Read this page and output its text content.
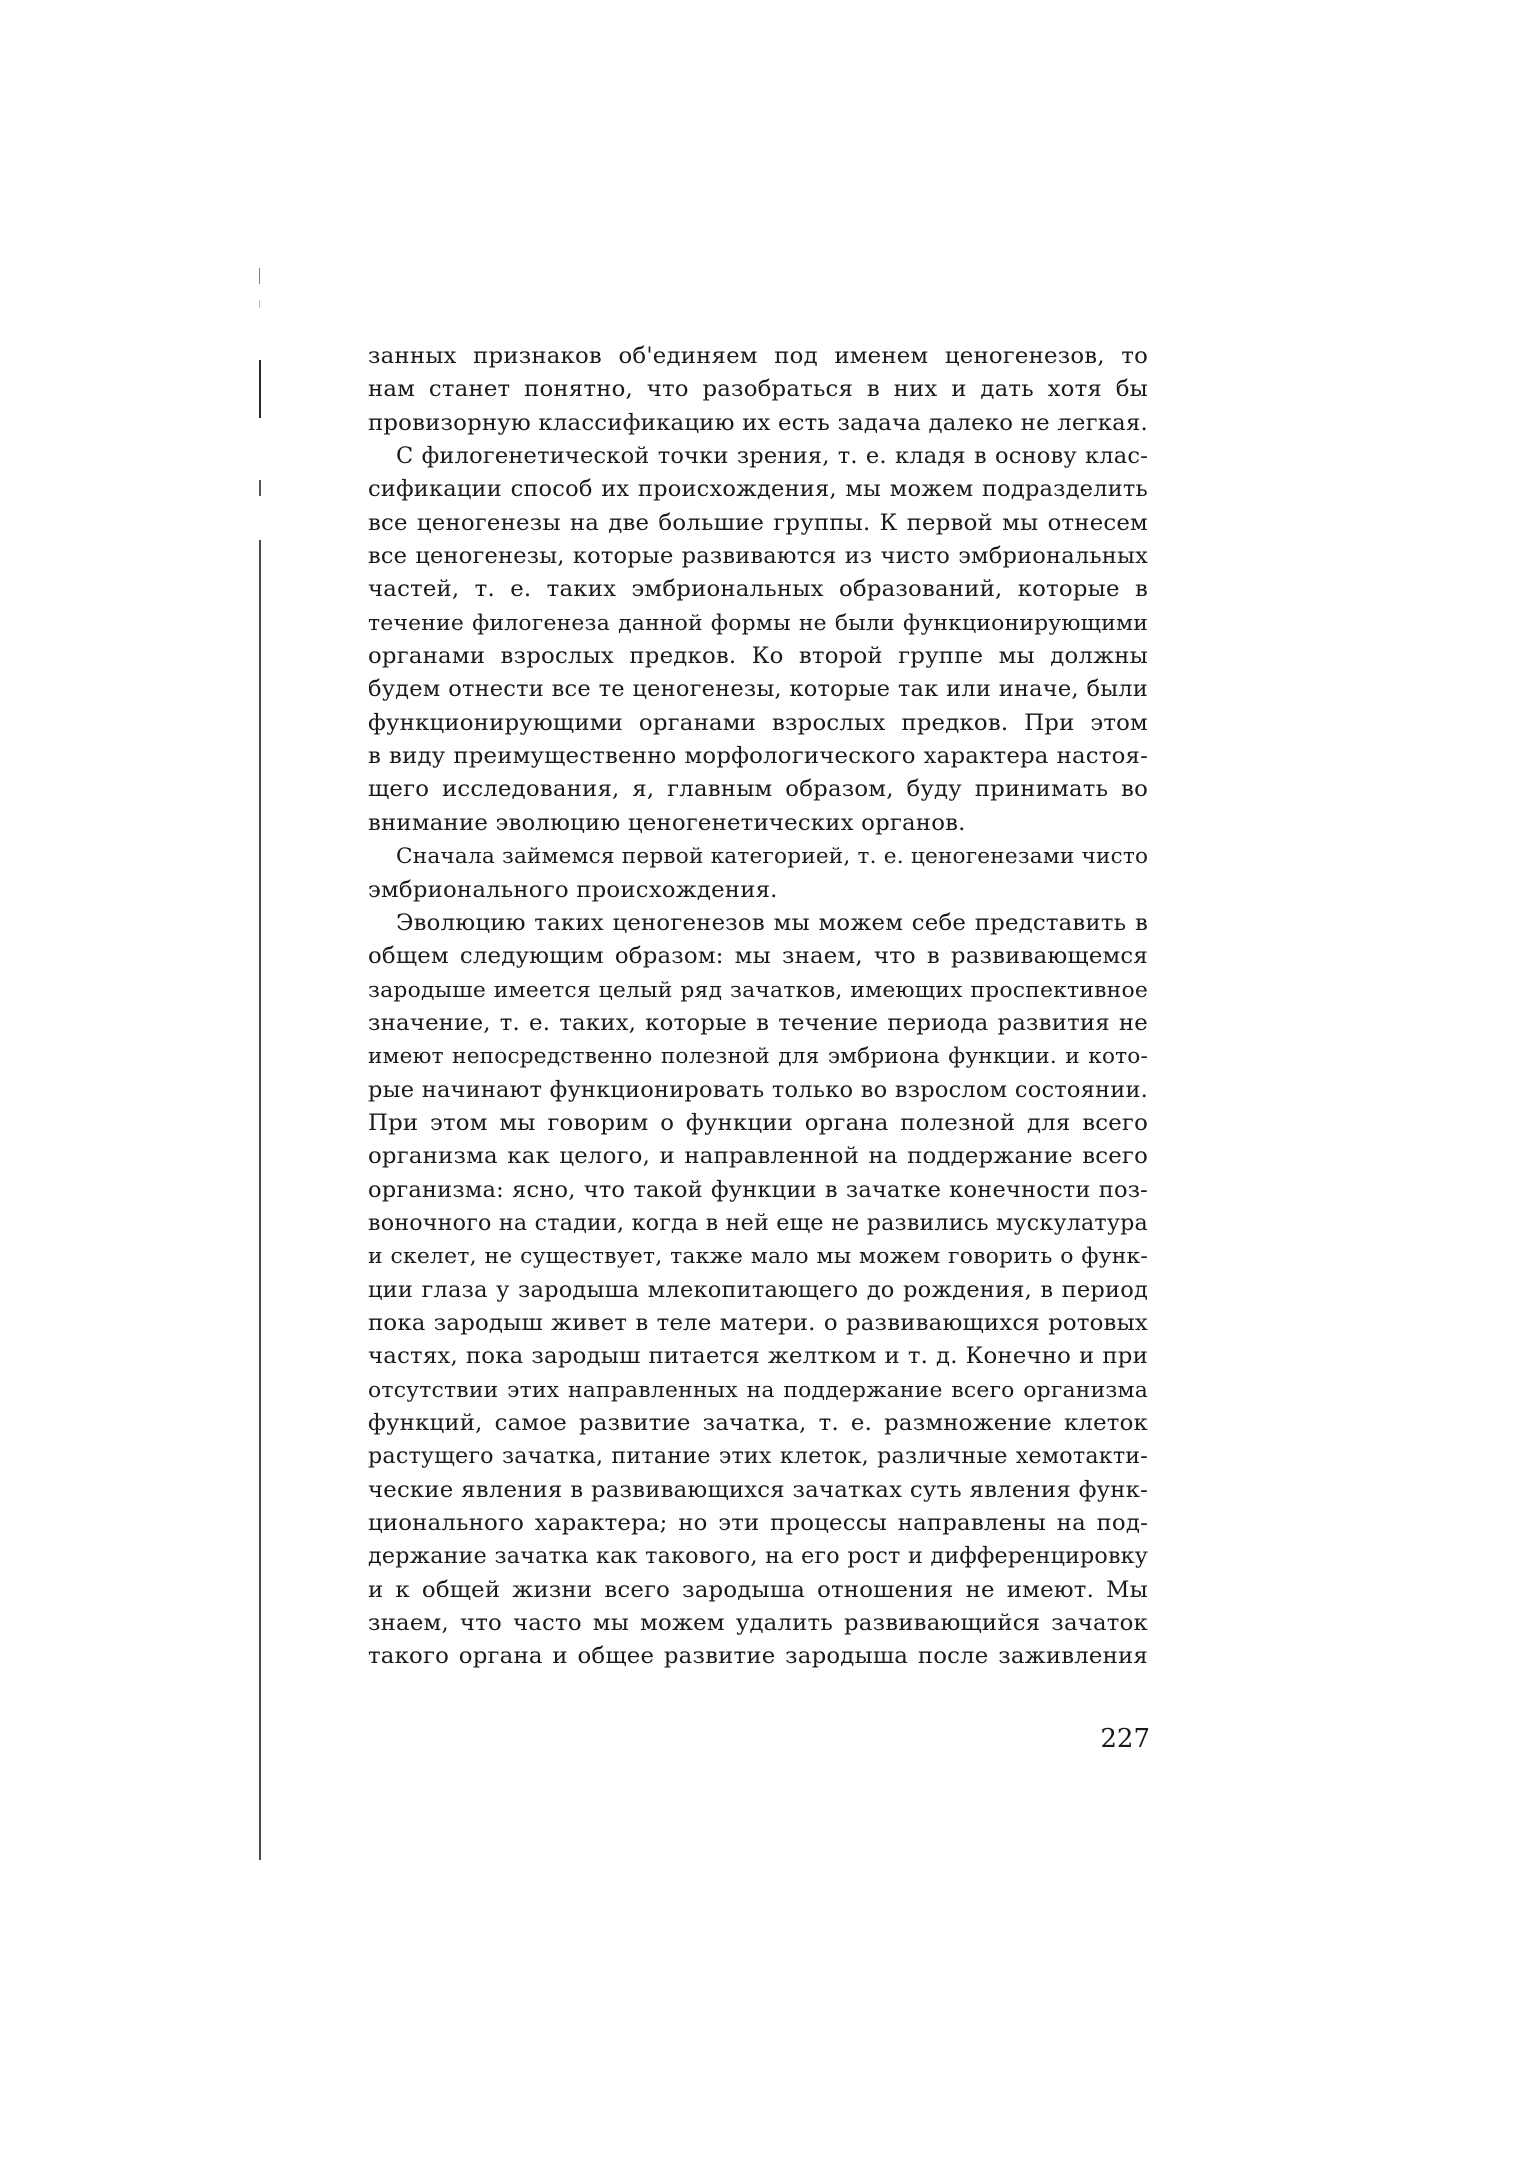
занных признаков об'единяем под именем ценогенезов, то
нам станет понятно, что разобраться в них и дать хотя бы
провизорную классификацию их есть задача далеко не легкая.
С филогенетической точки зрения, т. е. кладя в основу клас-
сификации способ их происхождения, мы можем подразделить
все ценогенезы на две большие группы. К первой мы отнесем
все ценогенезы, которые развиваются из чисто эмбриональных
частей, т. е. таких эмбриональных образований, которые в
течение филогенеза данной формы не были функционирующими
органами взрослых предков. Ко второй группе мы должны
будем отнести все те ценогенезы, которые так или иначе, были
функционирующими органами взрослых предков. При этом
в виду преимущественно морфологического характера настоя-
щего исследования, я, главным образом, буду принимать во
внимание эволюцию ценогенетических органов.
Сначала займемся первой категорией, т. е. ценогенезами чисто
эмбрионального происхождения.
Эволюцию таких ценогенезов мы можем себе представить в
общем следующим образом: мы знаем, что в развивающемся
зародыше имеется целый ряд зачатков, имеющих проспективное
значение, т. е. таких, которые в течение периода развития не
имеют непосредственно полезной для эмбриона функции. и кото-
рые начинают функционировать только во взрослом состоянии.
При этом мы говорим о функции органа полезной для всего
организма как целого, и направленной на поддержание всего
организма: ясно, что такой функции в зачатке конечности поз-
воночного на стадии, когда в ней еще не развились мускулатура
и скелет, не существует, также мало мы можем говорить о функ-
ции глаза у зародыша млекопитающего до рождения, в период
пока зародыш живет в теле матери. о развивающихся ротовых
частях, пока зародыш питается желтком и т. д. Конечно и при
отсутствии этих направленных на поддержание всего организма
функций, самое развитие зачатка, т. е. размножение клеток
растущего зачатка, питание этих клеток, различные хемотакти-
ческие явления в развивающихся зачатках суть явления функ-
ционального характера; но эти процессы направлены на под-
держание зачатка как такового, на его рост и дифференцировку
и к общей жизни всего зародыша отношения не имеют. Мы
знаем, что часто мы можем удалить развивающийся зачаток
такого органа и общее развитие зародыша после заживления
227
